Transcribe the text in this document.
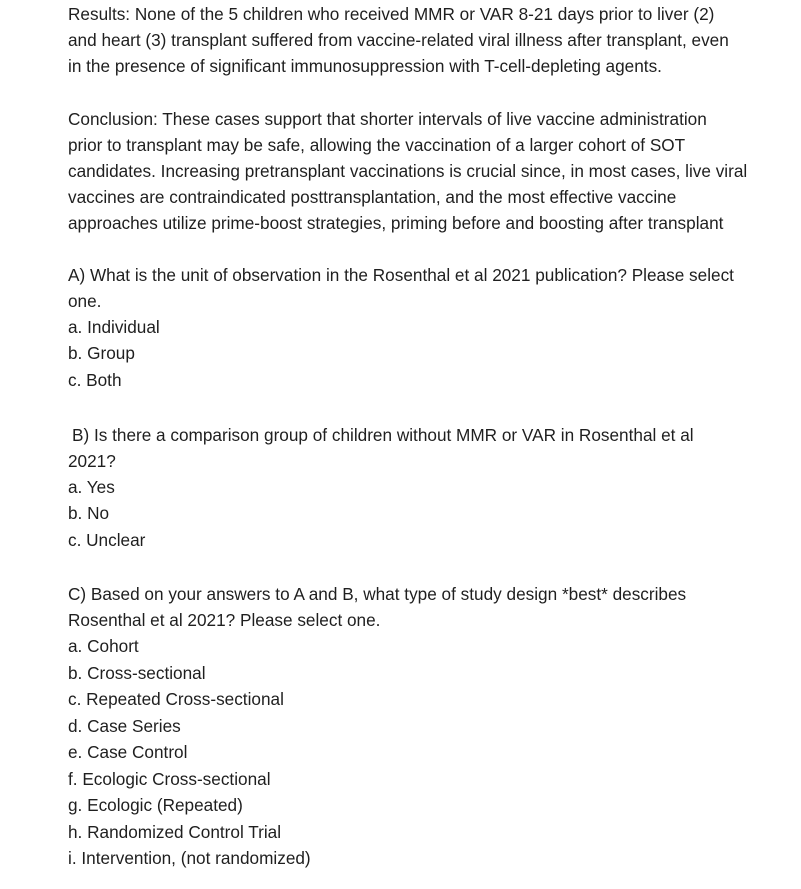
Results: None of the 5 children who received MMR or VAR 8-21 days prior to liver (2)
and heart (3) transplant suffered from vaccine-related viral illness after transplant, even
in the presence of significant immunosuppression with T-cell-depleting agents.
Conclusion: These cases support that shorter intervals of live vaccine administration
prior to transplant may be safe, allowing the vaccination of a larger cohort of SOT
candidates. Increasing pretransplant vaccinations is crucial since, in most cases, live viral
vaccines are contraindicated posttransplantation, and the most effective vaccine
approaches utilize prime-boost strategies, priming before and boosting after transplant
A) What is the unit of observation in the Rosenthal et al 2021 publication? Please select
one.
a. Individual
b. Group
c. Both
B) Is there a comparison group of children without MMR or VAR in Rosenthal et al
2021?
a. Yes
b. No
c. Unclear
C) Based on your answers to A and B, what type of study design *best* describes
Rosenthal et al 2021? Please select one.
a. Cohort
b. Cross-sectional
c. Repeated Cross-sectional
d. Case Series
e. Case Control
f. Ecologic Cross-sectional
g. Ecologic (Repeated)
h. Randomized Control Trial
i. Intervention, (not randomized)
